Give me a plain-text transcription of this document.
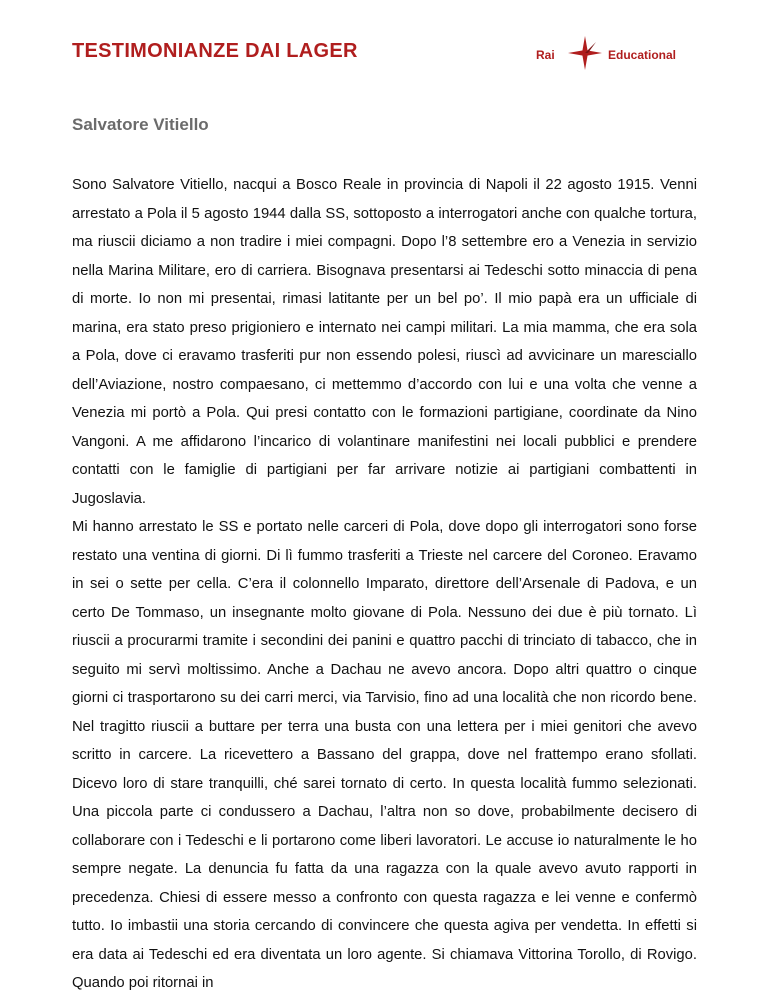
TESTIMONIANZE DAI LAGER	Rai	Educational
Salvatore Vitiello

Sono Salvatore Vitiello, nacqui a Bosco Reale in provincia di Napoli il 22 agosto 1915. Venni arrestato a Pola il 5 agosto 1944 dalla SS, sottoposto a interrogatori anche con qualche tortura, ma riuscii diciamo a non tradire i miei compagni. Dopo l’8 settembre ero a Venezia in servizio nella Marina Militare, ero di carriera. Bisognava presentarsi ai Tedeschi sotto minaccia di pena di morte. Io non mi presentai, rimasi latitante per un bel po’. Il mio papà era un ufficiale di marina, era stato preso prigioniero e internato nei campi militari. La mia mamma, che era sola a Pola, dove ci eravamo trasferiti pur non essendo polesi, riuscì ad avvicinare un maresciallo dell’Aviazione, nostro compaesano, ci mettemmo d’accordo con lui e una volta che venne a Venezia mi portò a Pola. Qui presi contatto con le formazioni partigiane, coordinate da Nino Vangoni. A me affidarono l’incarico di volantinare manifestini nei locali pubblici e prendere contatti con le famiglie di partigiani per far arrivare notizie ai partigiani combattenti in Jugoslavia.

Mi hanno arrestato le SS e portato nelle carceri di Pola, dove dopo gli interrogatori sono forse restato una ventina di giorni. Di lì fummo trasferiti a Trieste nel carcere del Coroneo. Eravamo in sei o sette per cella. C’era il colonnello Imparato, direttore dell’Arsenale di Padova, e un certo De Tommaso, un insegnante molto giovane di Pola. Nessuno dei due è più tornato. Lì riuscii a procurarmi tramite i secondini dei panini e quattro pacchi di trinciato di tabacco, che in seguito mi servì moltissimo. Anche a Dachau ne avevo ancora. Dopo altri quattro o cinque giorni ci trasportarono su dei carri merci, via Tarvisio, fino ad una località che non ricordo bene. Nel tragitto riuscii a buttare per terra una busta con una lettera per i miei genitori che avevo scritto in carcere. La ricevettero a Bassano del grappa, dove nel frattempo erano sfollati. Dicevo loro di stare tranquilli, ché sarei tornato di certo. In questa località fummo selezionati. Una piccola parte ci condussero a Dachau, l’altra non so dove, probabilmente decisero di collaborare con i Tedeschi e li portarono come liberi lavoratori. Le accuse io naturalmente le ho sempre negate. La denuncia fu fatta da una ragazza con la quale avevo avuto rapporti in precedenza. Chiesi di essere messo a confronto con questa ragazza e lei venne e confermò tutto. Io imbastii una storia cercando di convincere che questa agiva per vendetta. In effetti si era data ai Tedeschi ed era diventata un loro agente. Si chiamava Vittorina Torollo, di Rovigo. Quando poi ritornai in
